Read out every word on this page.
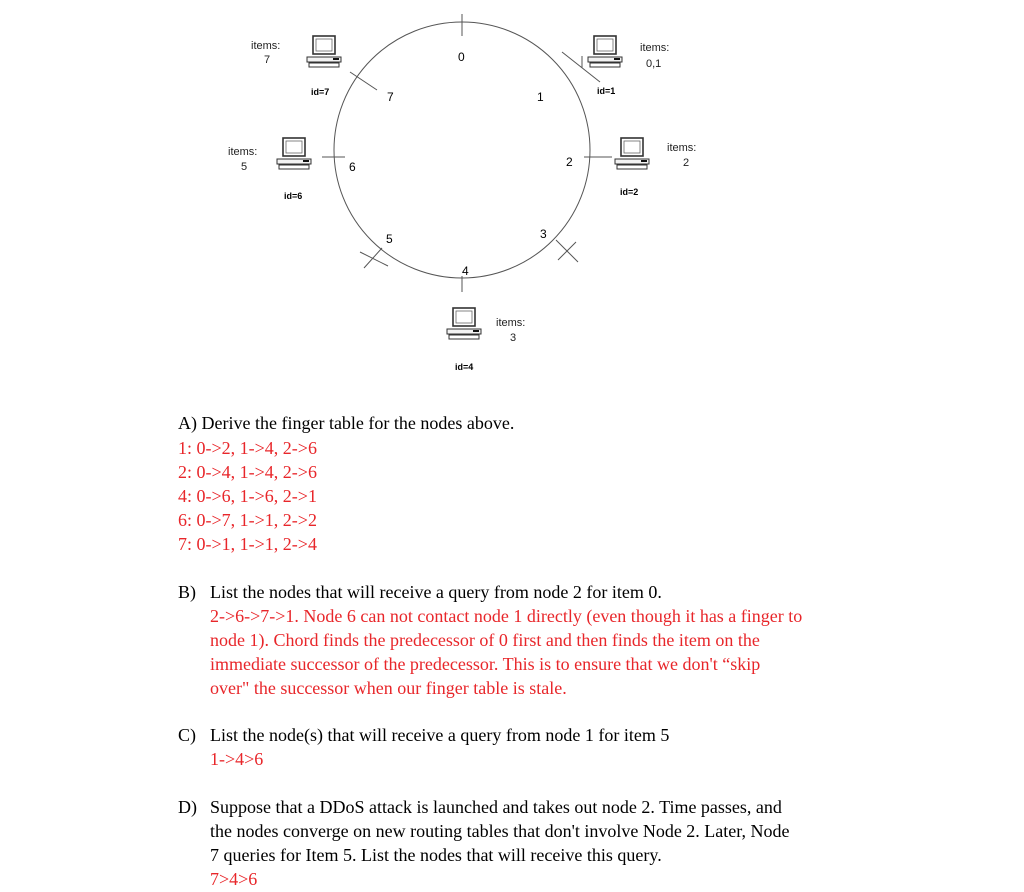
0
1
2
3
4
5
6
7
items:
7
id=7
items:
0,1
id=1
items:
5
id=6
items:
2
id=2
items:
3
id=4
A) Derive the finger table for the nodes above.
1: 0->2, 1->4, 2->6
2: 0->4, 1->4, 2->6
4: 0->6, 1->6, 2->1
6: 0->7, 1->1, 2->2
7: 0->1, 1->1, 2->4
B) List the nodes that will receive a query from node 2 for item 0.
2->6->7->1. Node 6 can not contact node 1 directly (even though it has a finger to
node 1). Chord finds the predecessor of 0 first and then finds the item on the
immediate successor of the predecessor. This is to ensure that we don't “skip
over" the successor when our finger table is stale.
C) List the node(s) that will receive a query from node 1 for item 5
1->4>6
D) Suppose that a DDoS attack is launched and takes out node 2. Time passes, and
the nodes converge on new routing tables that don't involve Node 2. Later, Node
7 queries for Item 5. List the nodes that will receive this query.
7>4>6
